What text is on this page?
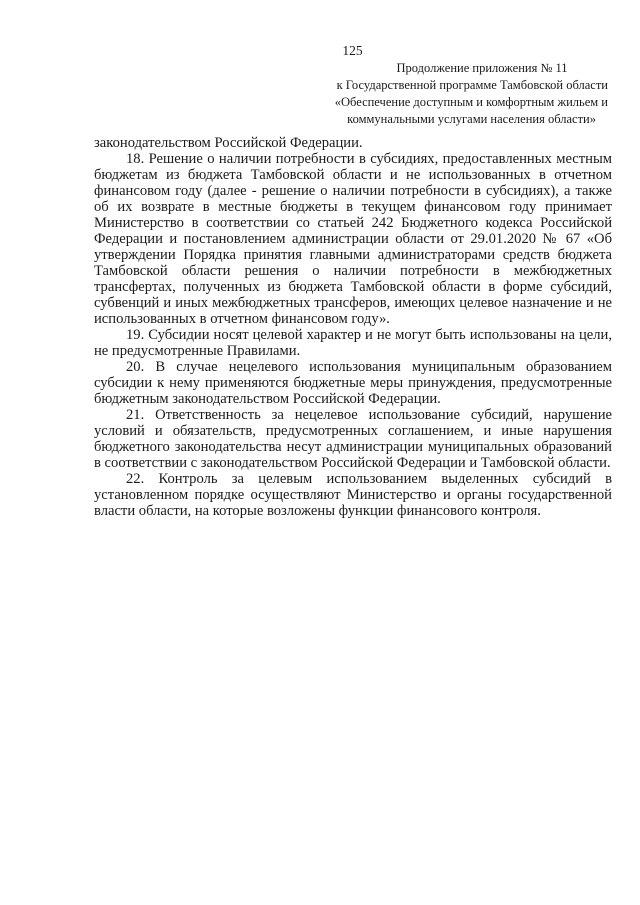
125
Продолжение приложения № 11
к Государственной программе Тамбовской области
«Обеспечение доступным и комфортным жильем и
коммунальными услугами населения области»

законодательством Российской Федерации.

18. Решение о наличии потребности в субсидиях, предоставленных местным бюджетам из бюджета Тамбовской области и не использованных в отчетном финансовом году (далее - решение о наличии потребности в субсидиях), а также об их возврате в местные бюджеты в текущем финансовом году принимает Министерство в соответствии со статьей 242 Бюджетного кодекса Российской Федерации и постановлением администрации области от 29.01.2020 № 67 «Об утверждении Порядка принятия главными администраторами средств бюджета Тамбовской области решения о наличии потребности в межбюджетных трансфертах, полученных из бюджета Тамбовской области в форме субсидий, субвенций и иных межбюджетных трансферов, имеющих целевое назначение и не использованных в отчетном финансовом году».

19. Субсидии носят целевой характер и не могут быть использованы на цели, не предусмотренные Правилами.

20. В случае нецелевого использования муниципальным образованием субсидии к нему применяются бюджетные меры принуждения, предусмотренные бюджетным законодательством Российской Федерации.

21. Ответственность за нецелевое использование субсидий, нарушение условий и обязательств, предусмотренных соглашением, и иные нарушения бюджетного законодательства несут администрации муниципальных образований в соответствии с законодательством Российской Федерации и Тамбовской области.

22. Контроль за целевым использованием выделенных субсидий в установленном порядке осуществляют Министерство и органы государственной власти области, на которые возложены функции финансового контроля.
